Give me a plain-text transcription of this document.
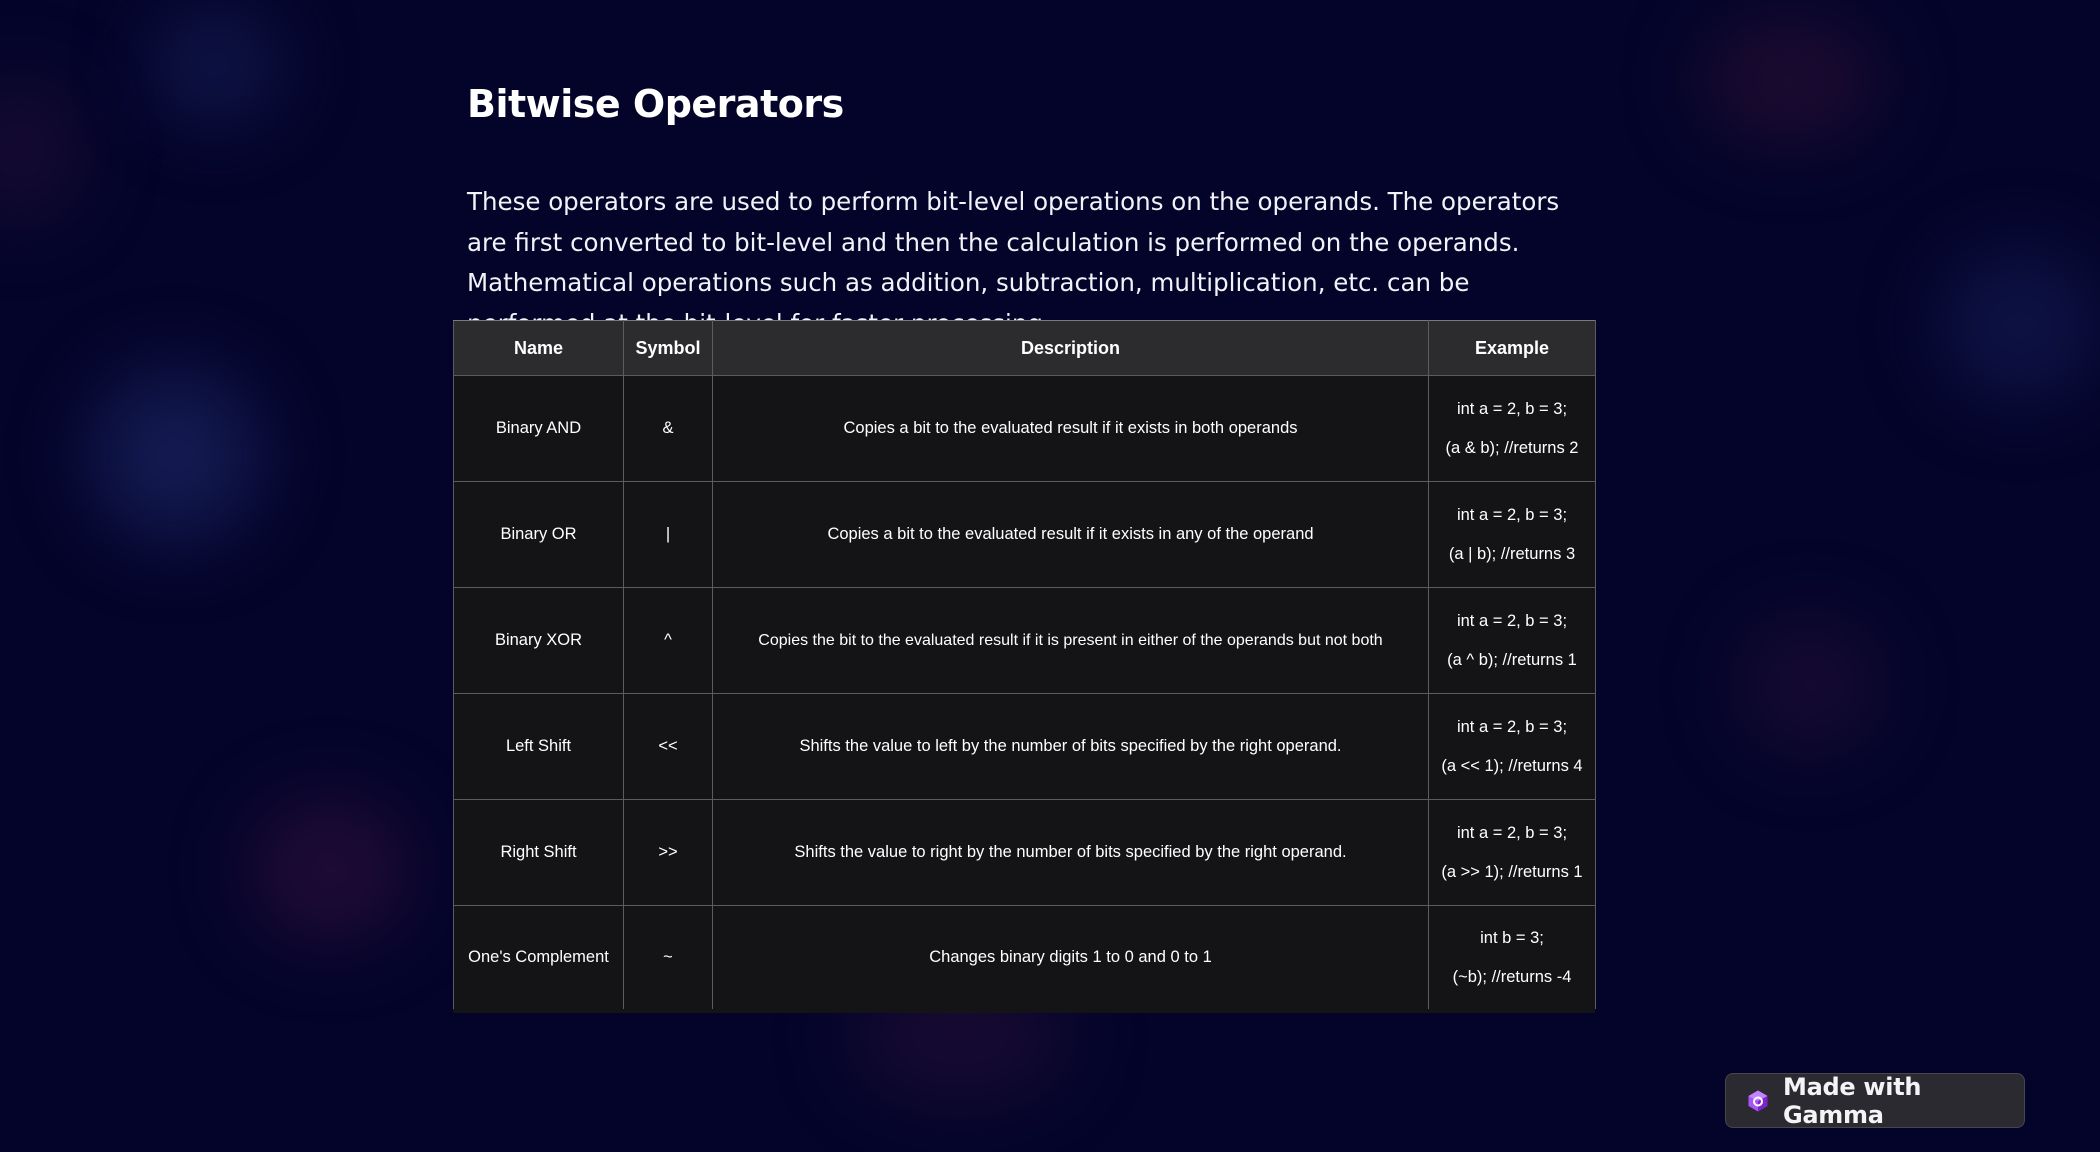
Bitwise Operators

These operators are used to perform bit-level operations on the operands. The operators are first converted to bit-level and then the calculation is performed on the operands. Mathematical operations such as addition, subtraction, multiplication, etc. can be

Name	Symbol	Description	Example
Binary AND	&	Copies a bit to the evaluated result if it exists in both operands	int a = 2, b = 3;
(a & b); //returns 2

Binary OR	|	Copies a bit to the evaluated result if it exists in any of the operand	int a = 2, b = 3;
(a | b); //returns 3

Binary XOR	^	Copies the bit to the evaluated result if it is present in either of the operands but not both	int a = 2, b = 3;
(a ^ b); //returns 1

Left Shift	<<	Shifts the value to left by the number of bits specified by the right operand.	int a = 2, b = 3;
(a << 1); //returns 4

Right Shift	>>	Shifts the value to right by the number of bits specified by the right operand.	int a = 2, b = 3;
(a >> 1); //returns 1

One's Complement	~	Changes binary digits 1 to 0 and 0 to 1	int b = 3;
(~b); //returns -4
Made with Gamma
